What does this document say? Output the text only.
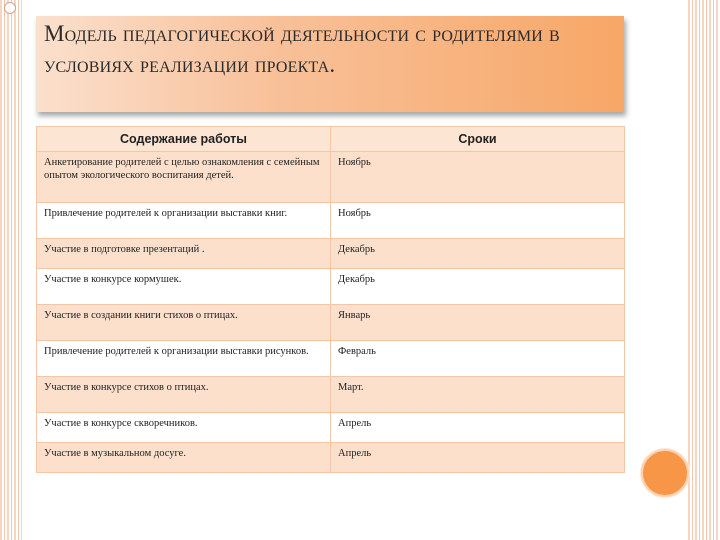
Модель педагогической деятельности с родителями в условиях реализации проекта.
Содержание работы	Сроки
Анкетирование родителей с целью ознакомления с семейным опытом экологического воспитания детей.	Ноябрь
Привлечение родителей к организации выставки книг.	Ноябрь
Участие в подготовке презентаций .	Декабрь
Участие в конкурсе кормушек.	Декабрь
Участие в создании книги стихов о птицах.	Январь
Привлечение родителей к организации выставки рисунков.	Февраль
Участие в конкурсе стихов о птицах.	Март.
Участие в конкурсе скворечников.	Апрель
Участие в музыкальном досуге.	Апрель
